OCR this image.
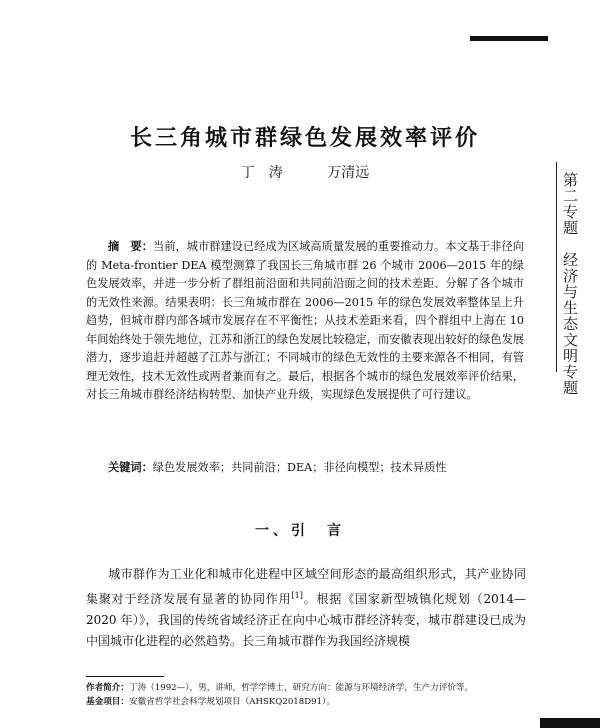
第二专题　经济与生态文明专题
长三角城市群绿色发展效率评价
丁　涛	万清远
摘　要：当前，城市群建设已经成为区域高质量发展的重要推动力。本文基于非径向的 Meta-frontier DEA 模型测算了我国长三角城市群 26 个城市 2006—2015 年的绿色发展效率，并进一步分析了群组前沿面和共同前沿面之间的技术差距、分解了各个城市的无效性来源。结果表明：长三角城市群在 2006—2015 年的绿色发展效率整体呈上升趋势，但城市群内部各城市发展存在不平衡性；从技术差距来看，四个群组中上海在 10 年间始终处于领先地位，江苏和浙江的绿色发展比较稳定，而安徽表现出较好的绿色发展潜力，逐步追赶并超越了江苏与浙江；不同城市的绿色无效性的主要来源各不相同，有管理无效性，技术无效性或两者兼而有之。最后，根据各个城市的绿色发展效率评价结果，对长三角城市群经济结构转型、加快产业升级，实现绿色发展提供了可行建议。
关键词：绿色发展效率；共同前沿；DEA；非径向模型；技术异质性
一、引　言
城市群作为工业化和城市化进程中区域空间形态的最高组织形式，其产业协同集聚对于经济发展有显著的协同作用[1]。根据《国家新型城镇化规划（2014—2020 年）》，我国的传统省域经济正在向中心城市群经济转变，城市群建设已成为中国城市化进程的必然趋势。长三角城市群作为我国经济规模
作者简介：丁涛（1992—），男，讲师，哲学学博士，研究方向：能源与环境经济学，生产力评价等。
基金项目：安徽省哲学社会科学规划项目（AHSKQ2018D91）。
